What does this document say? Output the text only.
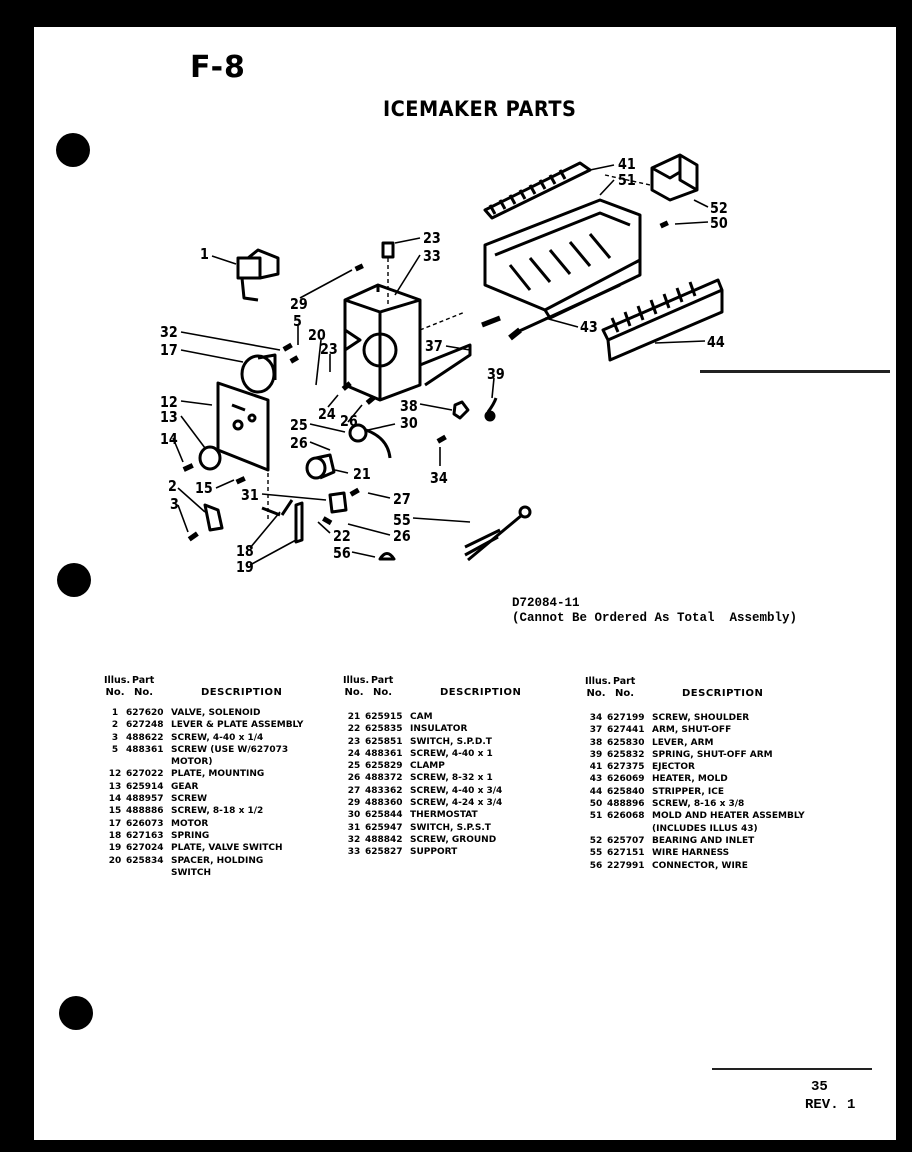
F-8
ICEMAKER PARTS
1
2
3
5
12
13
14
15
17
18
19
20
21
22
23
23
24
25
26
26
26
27
29
30
31
32
33
34
37
38
39
41
43
44
50
51
52
55
56
D72084-11
(Cannot Be Ordered As Total  Assembly)
Illus. Part
No. No.	DESCRIPTION
1 627620 VALVE, SOLENOID
2 627248 LEVER & PLATE ASSEMBLY
3 488622 SCREW, 4-40 x 1/4
5 488361 SCREW (USE W/627073
MOTOR)
12 627022 PLATE, MOUNTING
13 625914 GEAR
14 488957 SCREW
15 488886 SCREW, 8-18 x 1/2
17 626073 MOTOR
18 627163 SPRING
19 627024 PLATE, VALVE SWITCH
20 625834 SPACER, HOLDING
SWITCH
Illus. Part
No. No.	DESCRIPTION
21 625915 CAM
22 625835 INSULATOR
23 625851 SWITCH, S.P.D.T
24 488361 SCREW, 4-40 x 1
25 625829 CLAMP
26 488372 SCREW, 8-32 x 1
27 483362 SCREW, 4-40 x 3/4
29 488360 SCREW, 4-24 x 3/4
30 625844 THERMOSTAT
31 625947 SWITCH, S.P.S.T
32 488842 SCREW, GROUND
33 625827 SUPPORT
Illus. Part
No. No.	DESCRIPTION
34 627199 SCREW, SHOULDER
37 627441 ARM, SHUT-OFF
38 625830 LEVER, ARM
39 625832 SPRING, SHUT-OFF ARM
41 627375 EJECTOR
43 626069 HEATER, MOLD
44 625840 STRIPPER, ICE
50 488896 SCREW, 8-16 x 3/8
51 626068 MOLD AND HEATER ASSEMBLY
(INCLUDES ILLUS 43)
52 625707 BEARING AND INLET
55 627151 WIRE HARNESS
56 227991 CONNECTOR, WIRE
35
REV. 1
